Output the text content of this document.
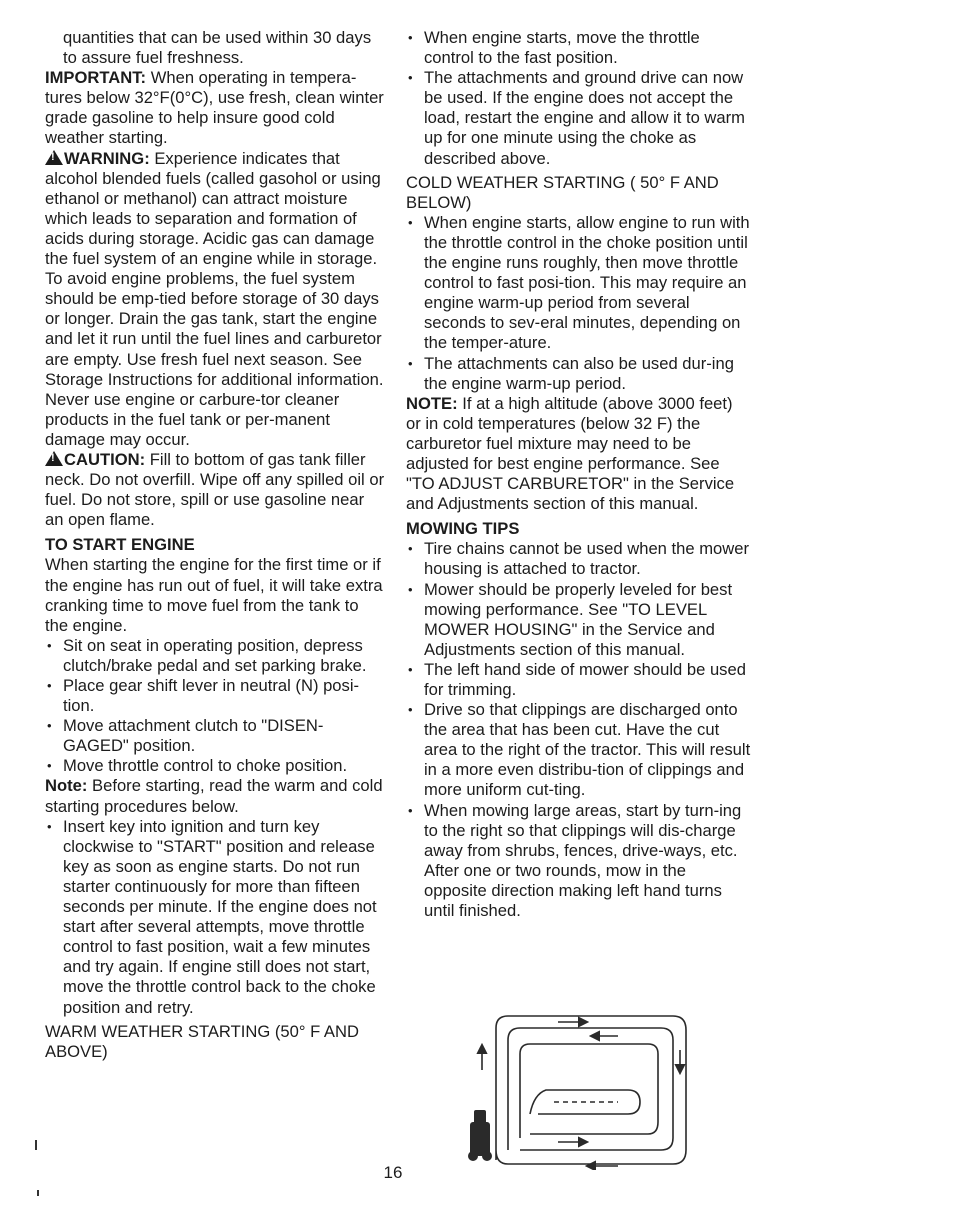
quantities that can be used within 30 days to assure fuel freshness.

IMPORTANT: When operating in tempera-tures below 32°F(0°C), use fresh, clean winter grade gasoline to help insure good cold weather starting.

!WARNING: Experience indicates that alcohol blended fuels (called gasohol or using ethanol or methanol) can attract moisture which leads to separation and formation of acids during storage. Acidic gas can damage the fuel system of an engine while in storage. To avoid engine problems, the fuel system should be emp-tied before storage of 30 days or longer. Drain the gas tank, start the engine and let it run until the fuel lines and carburetor are empty. Use fresh fuel next season. See Storage Instructions for additional information. Never use engine or carbure-tor cleaner products in the fuel tank or per-manent damage may occur.

!CAUTION: Fill to bottom of gas tank filler neck. Do not overfill. Wipe off any spilled oil or fuel. Do not store, spill or use gasoline near an open flame.

TO START ENGINE

When starting the engine for the first time or if the engine has run out of fuel, it will take extra cranking time to move fuel from the tank to the engine.

• Sit on seat in operating position, depress clutch/brake pedal and set parking brake.
• Place gear shift lever in neutral (N) posi-tion.
• Move attachment clutch to "DISEN-GAGED" position.
• Move throttle control to choke position.

Note: Before starting, read the warm and cold starting procedures below.

• Insert key into ignition and turn key clockwise to "START" position and release key as soon as engine starts. Do not run starter continuously for more than fifteen seconds per minute. If the engine does not start after several attempts, move throttle control to fast position, wait a few minutes and try again. If engine still does not start, move the throttle control back to the choke position and retry.

WARM WEATHER STARTING (50° F AND ABOVE)

• When engine starts, move the throttle control to the fast position.
• The attachments and ground drive can now be used. If the engine does not accept the load, restart the engine and allow it to warm up for one minute using the choke as described above.

COLD WEATHER STARTING ( 50° F AND BELOW)

• When engine starts, allow engine to run with the throttle control in the choke position until the engine runs roughly, then move throttle control to fast posi-tion. This may require an engine warm-up period from several seconds to sev-eral minutes, depending on the temper-ature.
• The attachments can also be used dur-ing the engine warm-up period.

NOTE: If at a high altitude (above 3000 feet) or in cold temperatures (below 32 F) the carburetor fuel mixture may need to be adjusted for best engine performance. See "TO ADJUST CARBURETOR" in the Service and Adjustments section of this manual.

MOWING TIPS

• Tire chains cannot be used when the mower housing is attached to tractor.
• Mower should be properly leveled for best mowing performance. See "TO LEVEL MOWER HOUSING" in the Service and Adjustments section of this manual.
• The left hand side of mower should be used for trimming.
• Drive so that clippings are discharged onto the area that has been cut. Have the cut area to the right of the tractor. This will result in a more even distribu-tion of clippings and more uniform cut-ting.
• When mowing large areas, start by turn-ing to the right so that clippings will dis-charge away from shrubs, fences, drive-ways, etc. After one or two rounds, mow in the opposite direction making left hand turns until finished.
16
